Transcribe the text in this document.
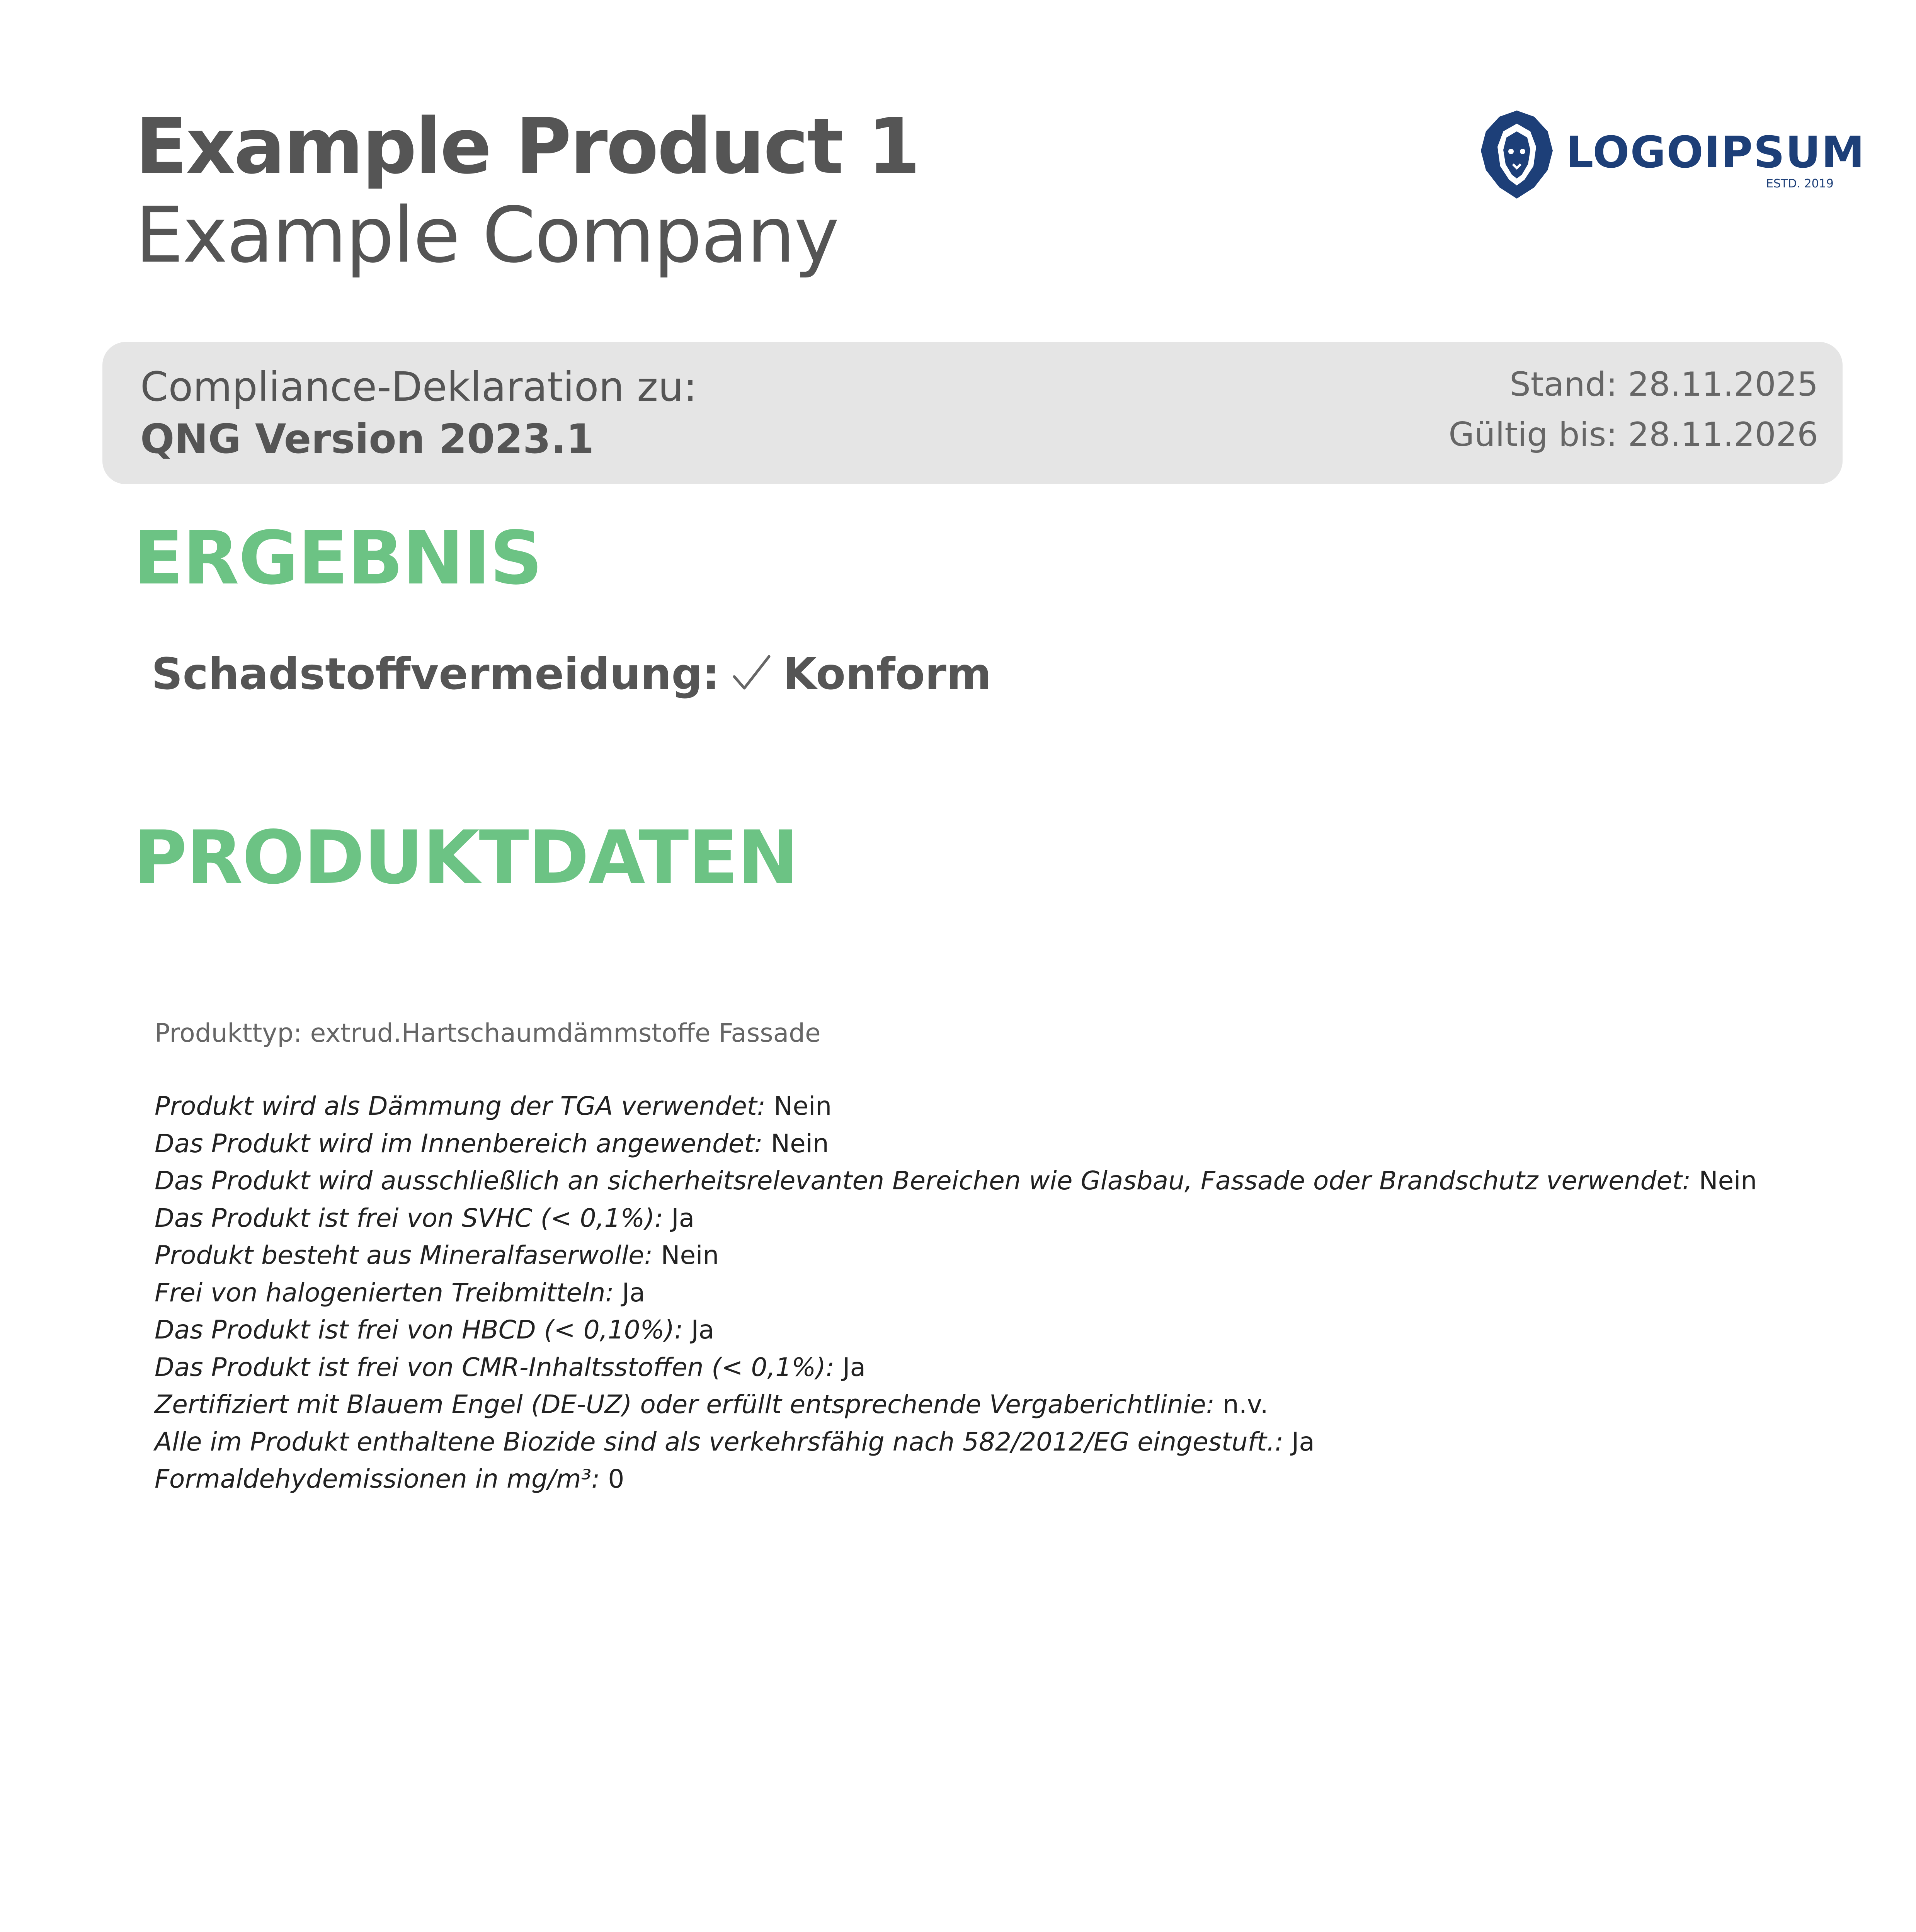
Example Product 1
Example Company
LOGOIPSUM
ESTD. 2019
Compliance-Deklaration zu:
QNG Version 2023.1
Stand: 28.11.2025
Gültig bis: 28.11.2026
ERGEBNIS
Schadstoffvermeidung: Konform
PRODUKTDATEN
Produkttyp: extrud.Hartschaumdämmstoffe Fassade
Produkt wird als Dämmung der TGA verwendet: Nein
Das Produkt wird im Innenbereich angewendet: Nein
Das Produkt wird ausschließlich an sicherheitsrelevanten Bereichen wie Glasbau, Fassade oder Brandschutz verwendet: Nein
Das Produkt ist frei von SVHC (< 0,1%): Ja
Produkt besteht aus Mineralfaserwolle: Nein
Frei von halogenierten Treibmitteln: Ja
Das Produkt ist frei von HBCD (< 0,10%): Ja
Das Produkt ist frei von CMR-Inhaltsstoffen (< 0,1%): Ja
Zertifiziert mit Blauem Engel (DE-UZ) oder erfüllt entsprechende Vergaberichtlinie: n.v.
Alle im Produkt enthaltene Biozide sind als verkehrsfähig nach 582/2012/EG eingestuft.: Ja
Formaldehydemissionen in mg/m³: 0
